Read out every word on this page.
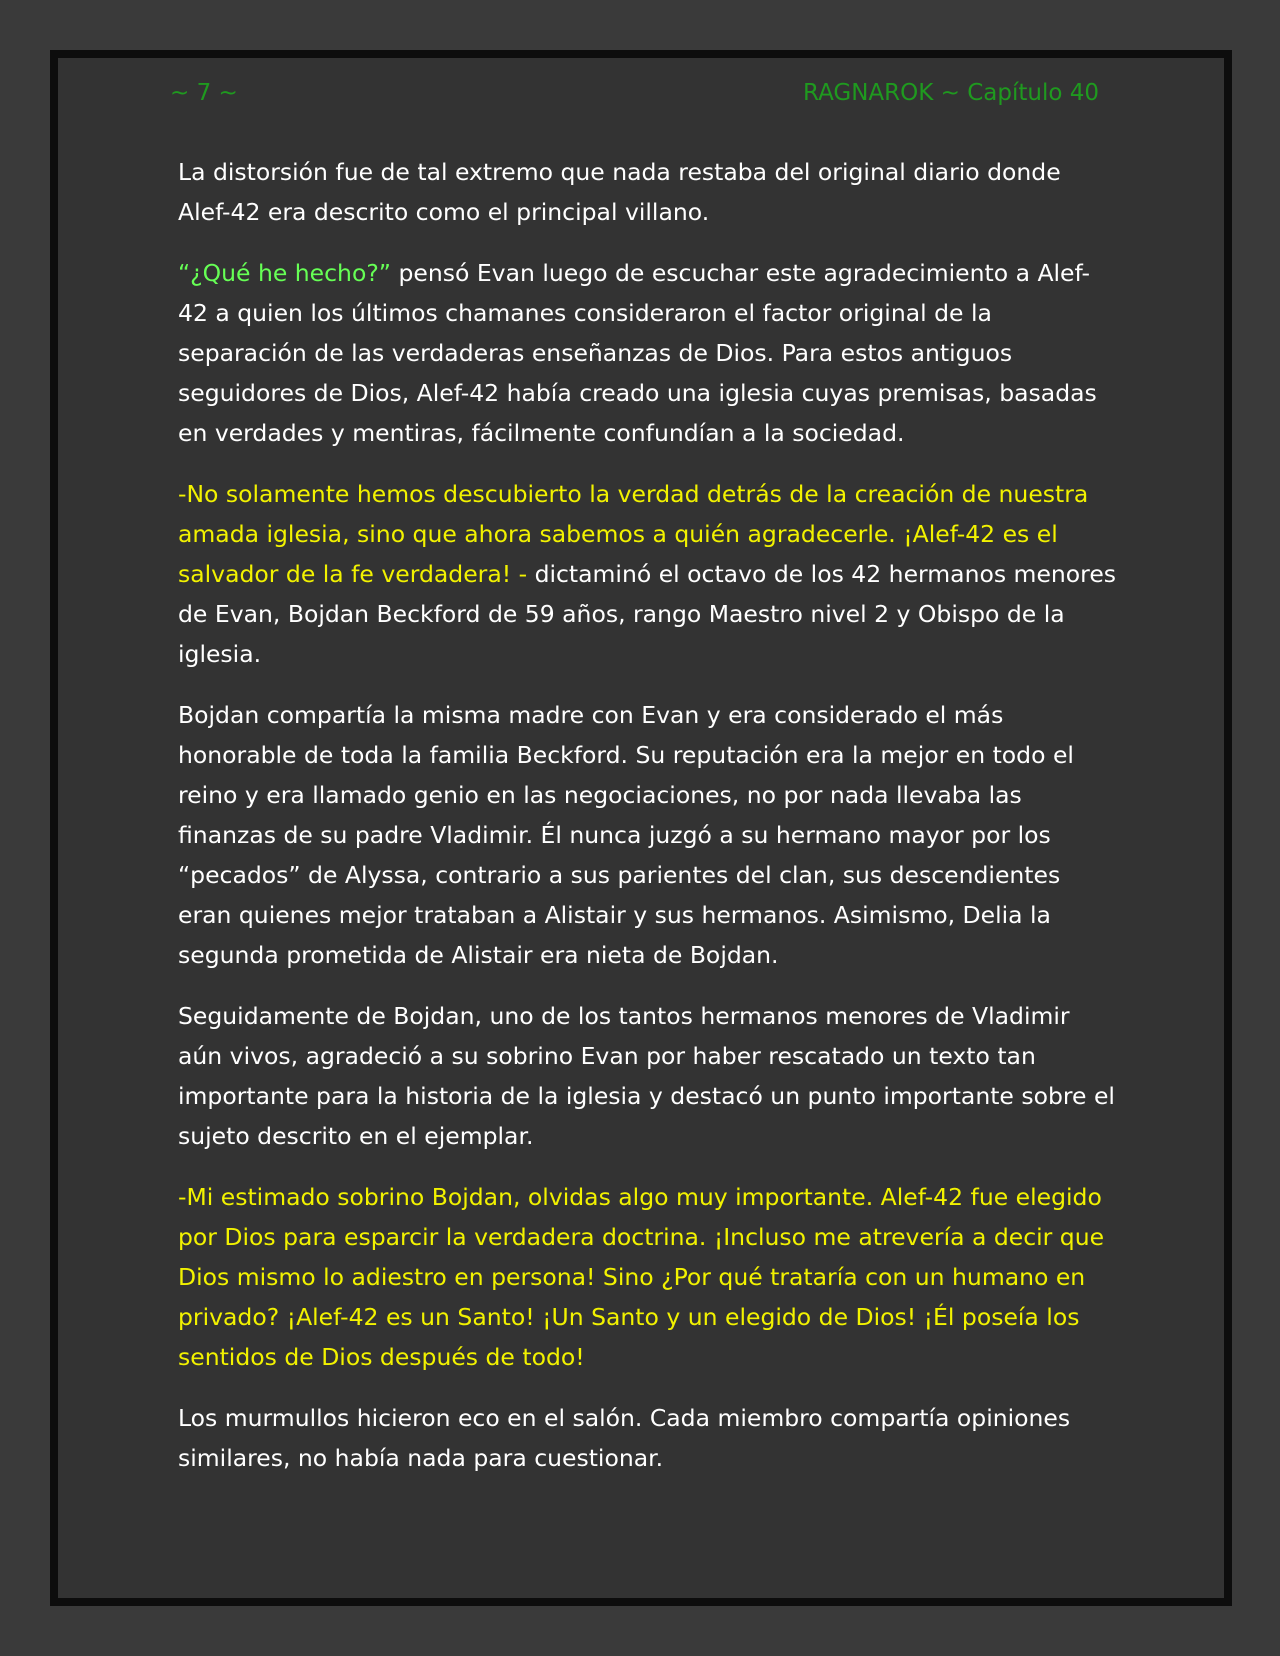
~ 7 ~	RAGNAROK ~ Capítulo 40

La distorsión fue de tal extremo que nada restaba del original diario donde Alef-42 era descrito como el principal villano.

“¿Qué he hecho?” pensó Evan luego de escuchar este agradecimiento a Alef-42 a quien los últimos chamanes consideraron el factor original de la separación de las verdaderas enseñanzas de Dios. Para estos antiguos seguidores de Dios, Alef-42 había creado una iglesia cuyas premisas, basadas en verdades y mentiras, fácilmente confundían a la sociedad.

-No solamente hemos descubierto la verdad detrás de la creación de nuestra amada iglesia, sino que ahora sabemos a quién agradecerle. ¡Alef-42 es el salvador de la fe verdadera! - dictaminó el octavo de los 42 hermanos menores de Evan, Bojdan Beckford de 59 años, rango Maestro nivel 2 y Obispo de la iglesia.

Bojdan compartía la misma madre con Evan y era considerado el más honorable de toda la familia Beckford. Su reputación era la mejor en todo el reino y era llamado genio en las negociaciones, no por nada llevaba las finanzas de su padre Vladimir. Él nunca juzgó a su hermano mayor por los “pecados” de Alyssa, contrario a sus parientes del clan, sus descendientes eran quienes mejor trataban a Alistair y sus hermanos. Asimismo, Delia la segunda prometida de Alistair era nieta de Bojdan.

Seguidamente de Bojdan, uno de los tantos hermanos menores de Vladimir aún vivos, agradeció a su sobrino Evan por haber rescatado un texto tan importante para la historia de la iglesia y destacó un punto importante sobre el sujeto descrito en el ejemplar.

-Mi estimado sobrino Bojdan, olvidas algo muy importante. Alef-42 fue elegido por Dios para esparcir la verdadera doctrina. ¡Incluso me atrevería a decir que Dios mismo lo adiestro en persona! Sino ¿Por qué trataría con un humano en privado? ¡Alef-42 es un Santo! ¡Un Santo y un elegido de Dios! ¡Él poseía los sentidos de Dios después de todo!

Los murmullos hicieron eco en el salón. Cada miembro compartía opiniones similares, no había nada para cuestionar.
